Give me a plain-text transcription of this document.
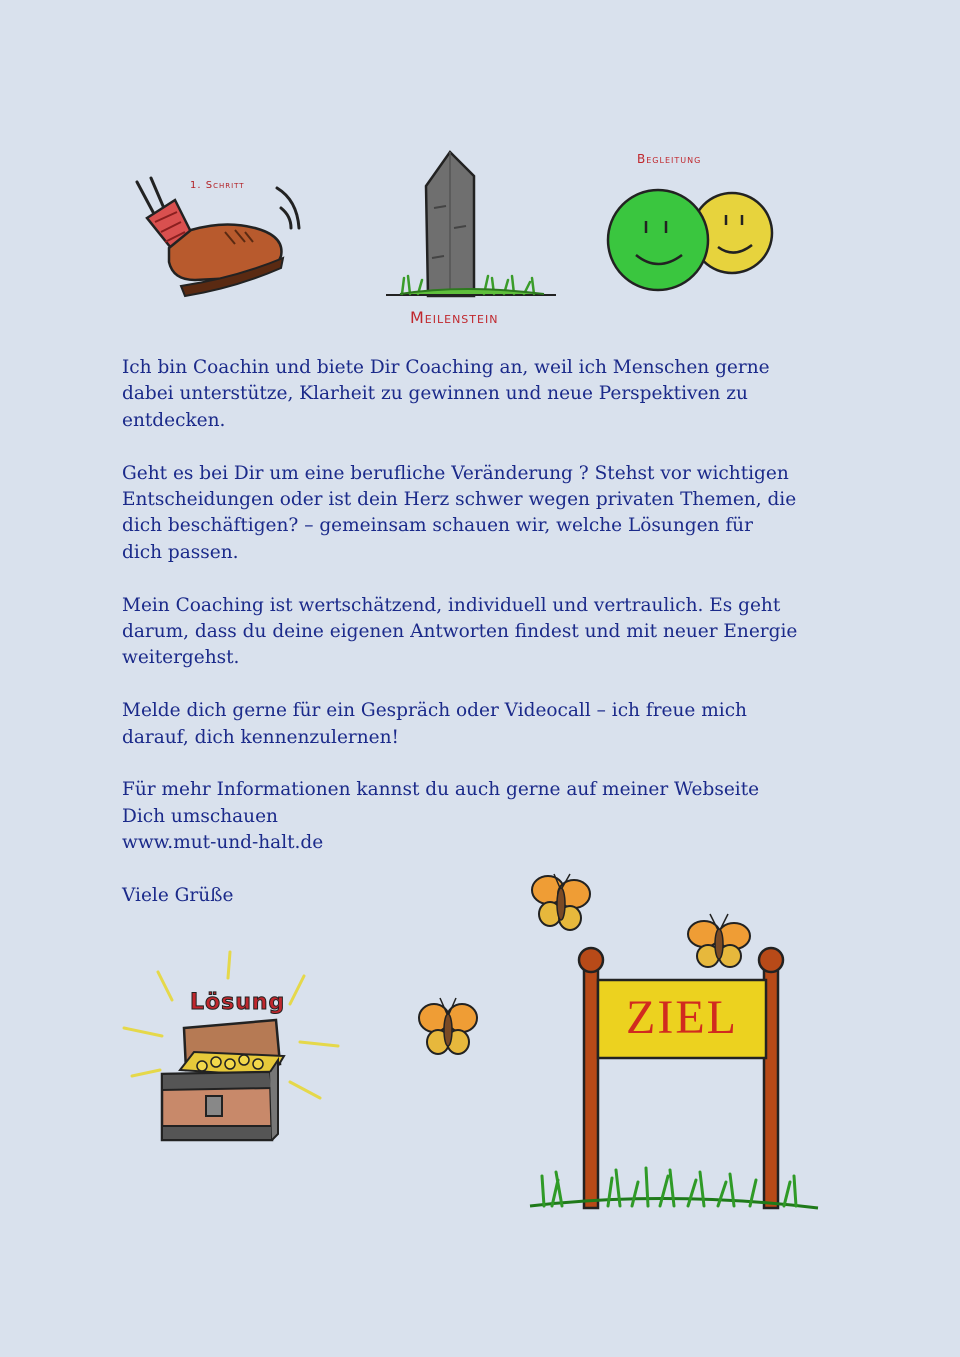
1. Schritt
Meilenstein
Begleitung

Ich bin Coachin und biete Dir Coaching an, weil ich Menschen gerne
dabei unterstütze, Klarheit zu gewinnen und neue Perspektiven zu
entdecken.

Geht es bei Dir um eine berufliche Veränderung ? Stehst vor wichtigen
Entscheidungen oder ist dein Herz schwer wegen privaten Themen, die
dich beschäftigen? – gemeinsam schauen wir, welche Lösungen für
dich passen.

Mein Coaching ist wertschätzend, individuell und vertraulich. Es geht
darum, dass du deine eigenen Antworten findest und mit neuer Energie
weitergehst.

Melde dich gerne für ein Gespräch oder Videocall – ich freue mich
darauf, dich kennenzulernen!

Für mehr Informationen kannst du auch gerne auf meiner Webseite
Dich umschauen
www.mut-und-halt.de

Viele Grüße

Lösung	ZIEL
